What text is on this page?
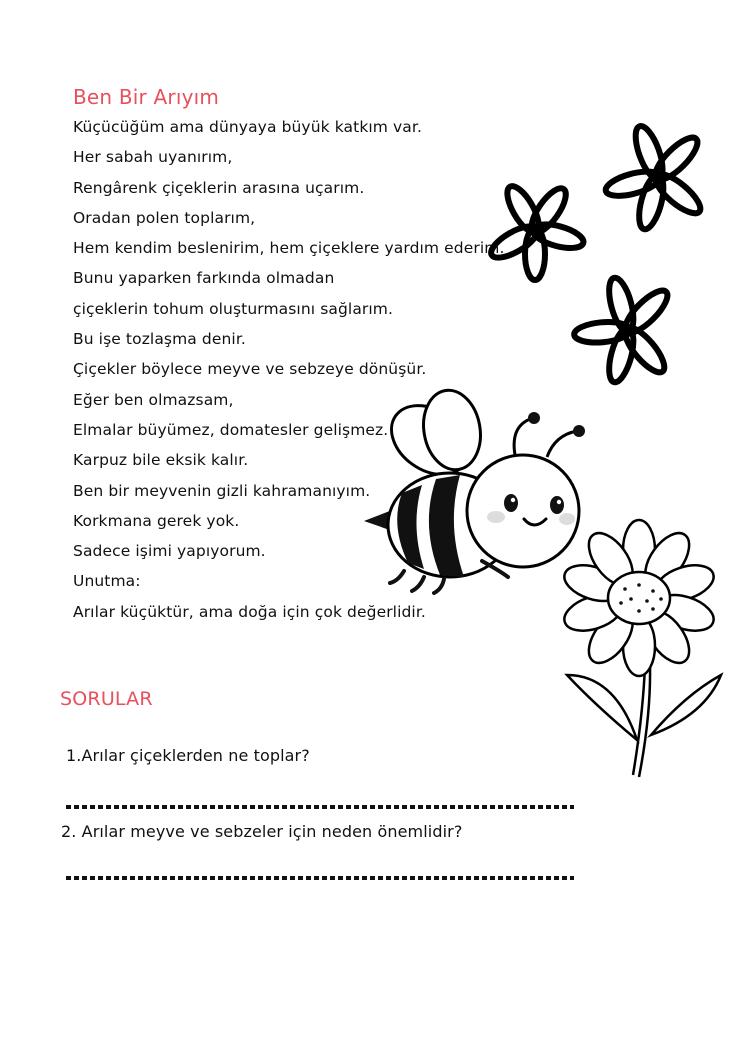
Ben Bir Arıyım
Küçücüğüm ama dünyaya büyük katkım var.
Her sabah uyanırım,
Rengârenk çiçeklerin arasına uçarım.
Oradan polen toplarım,
Hem kendim beslenirim, hem çiçeklere yardım ederim.
Bunu yaparken farkında olmadan
çiçeklerin tohum oluşturmasını sağlarım.
Bu işe tozlaşma denir.
Çiçekler böylece meyve ve sebzeye dönüşür.
Eğer ben olmazsam,
Elmalar büyümez, domatesler gelişmez.
Karpuz bile eksik kalır.
Ben bir meyvenin gizli kahramanıyım.
Korkmana gerek yok.
Sadece işimi yapıyorum.
Unutma:
Arılar küçüktür, ama doğa için çok değerlidir.
SORULAR
1.Arılar çiçeklerden ne toplar?
2. Arılar meyve ve sebzeler için neden önemlidir?
